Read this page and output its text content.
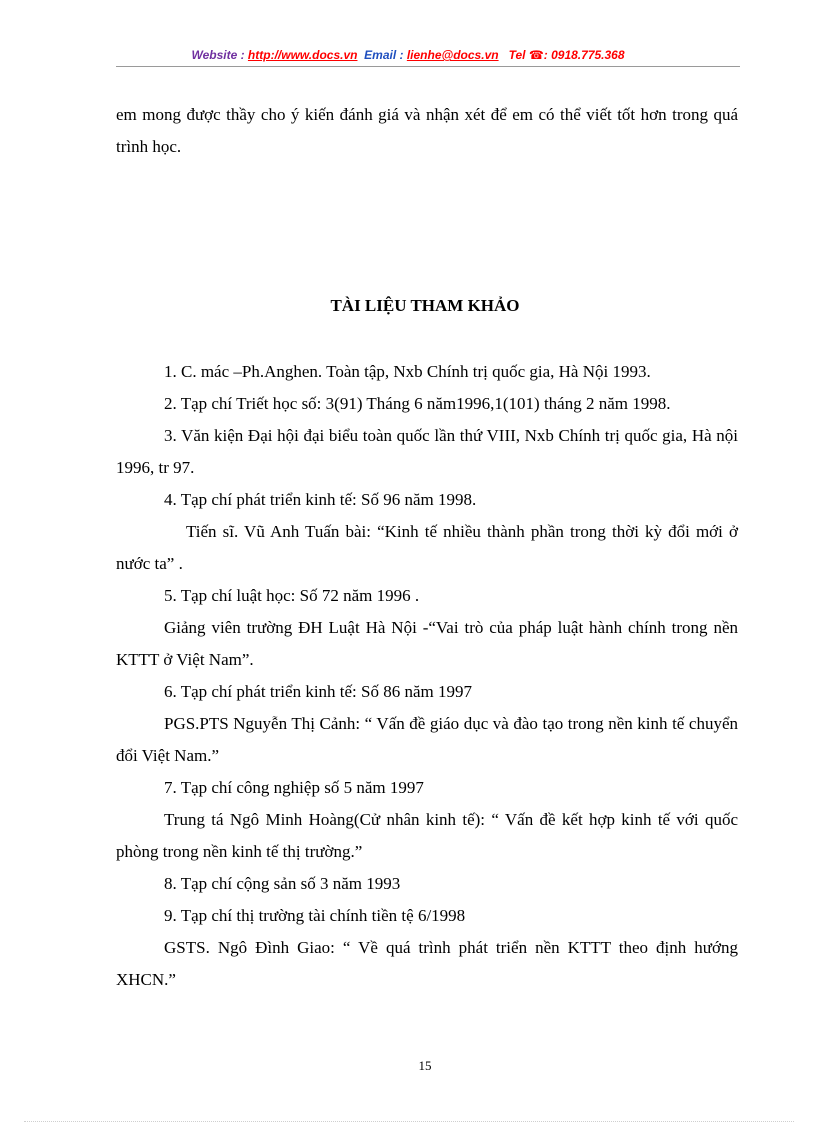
Website : http://www.docs.vn Email : lienhe@docs.vn Tel ☎: 0918.775.368

em mong được thầy cho ý kiến đánh giá và nhận xét để em có thể viết tốt hơn trong quá trình học.

TÀI LIỆU THAM KHẢO

1. C. mác –Ph.Anghen. Toàn tập, Nxb Chính trị quốc gia, Hà Nội 1993.

2. Tạp chí Triết học số: 3(91) Tháng 6 năm1996,1(101) tháng 2 năm 1998.

3. Văn kiện Đại hội đại biểu toàn quốc lần thứ VIII, Nxb Chính trị quốc gia, Hà nội 1996, tr 97.

4. Tạp chí phát triển kinh tế: Số 96 năm 1998.

Tiến sĩ. Vũ Anh Tuấn bài: “Kinh tế nhiều thành phần trong thời kỳ đổi mới ở nước ta” .

5. Tạp chí luật học: Số 72 năm 1996 .

Giảng viên trường ĐH Luật Hà Nội -“Vai trò của pháp luật hành chính trong nền KTTT ở Việt Nam”.

6. Tạp chí phát triển kinh tế: Số 86 năm 1997

PGS.PTS Nguyễn Thị Cảnh: “ Vấn đề giáo dục và đào tạo trong nền kinh tế chuyển đổi Việt Nam.”

7. Tạp chí công nghiệp số 5 năm 1997

Trung tá Ngô Minh Hoàng(Cử nhân kinh tế): “ Vấn đề kết hợp kinh tế với quốc phòng trong nền kinh tế thị trường.”

8. Tạp chí cộng sản số 3 năm 1993

9. Tạp chí thị trường tài chính tiền tệ 6/1998

GSTS. Ngô Đình Giao: “ Về quá trình phát triển nền KTTT theo định hướng XHCN.”

15
